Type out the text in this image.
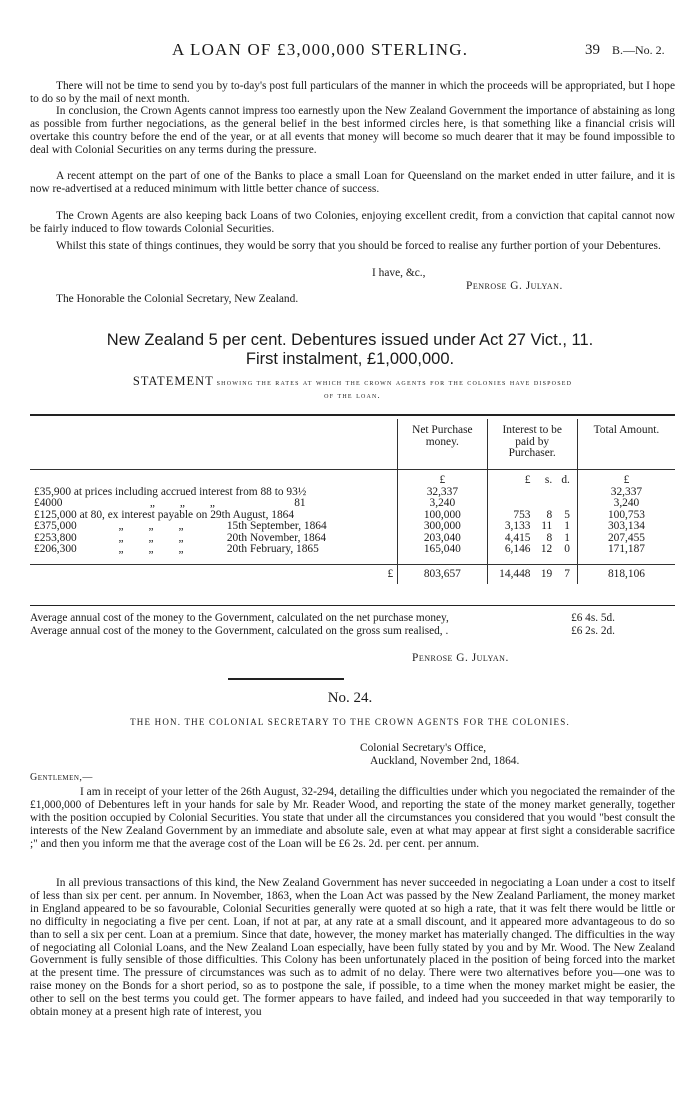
A LOAN OF £3,000,000 STERLING.	39 B.—No. 2.

There will not be time to send you by to-day's post full particulars of the manner in which the proceeds will be appropriated, but I hope to do so by the mail of next month.

In conclusion, the Crown Agents cannot impress too earnestly upon the New Zealand Government the importance of abstaining as long as possible from further negociations, as the general belief in the best informed circles here, is that something like a financial crisis will overtake this country before the end of the year, or at all events that money will become so much dearer that it may be found impossible to deal with Colonial Securities on any terms during the pressure.

A recent attempt on the part of one of the Banks to place a small Loan for Queensland on the market ended in utter failure, and it is now re-advertised at a reduced minimum with little better chance of success.

The Crown Agents are also keeping back Loans of two Colonies, enjoying excellent credit, from a conviction that capital cannot now be fairly induced to flow towards Colonial Securities.

Whilst this state of things continues, they would be sorry that you should be forced to realise any further portion of your Debentures.

I have, &c.,
Penrose G. Julyan.
The Honorable the Colonial Secretary, New Zealand.
New Zealand 5 per cent. Debentures issued under Act 27 Vict., 11.
First instalment, £1,000,000.
STATEMENT showing the rates at which the crown agents for the colonies have disposed
of the loan.
	Net Purchase money.	Interest to be paid by Purchaser.	Total Amount.
	£	£ s. d.	£
£35,900 at prices including accrued interest from 88 to 93½	32,337		32,337
£4000 „ „ „ 81	3,240		3,240
£125,000 at 80, ex interest payable on 29th August, 1864	100,000	753 8 5	100,753
£375,000 „ „ „ 15th September, 1864	300,000	3,133 11 1	303,134
£253,800 „ „ „ 20th November, 1864	203,040	4,415 8 1	207,455
£206,300 „ „ „ 20th February, 1865	165,040	6,146 12 0	171,187
£	803,657	14,448 19 7	818,106
Average annual cost of the money to the Government, calculated on the net purchase money,	£6 4s. 5d.
Average annual cost of the money to the Government, calculated on the gross sum realised, .	£6 2s. 2d.
Penrose G. Julyan.
No. 24.
THE HON. THE COLONIAL SECRETARY TO THE CROWN AGENTS FOR THE COLONIES.
Colonial Secretary's Office,
Auckland, November 2nd, 1864.
Gentlemen,—

I am in receipt of your letter of the 26th August, 32-294, detailing the difficulties under which you negociated the remainder of the £1,000,000 of Debentures left in your hands for sale by Mr. Reader Wood, and reporting the state of the money market generally, together with the position occupied by Colonial Securities. You state that under all the circumstances you considered that you would "best consult the interests of the New Zealand Government by an immediate and absolute sale, even at what may appear at first sight a considerable sacrifice ;" and then you inform me that the average cost of the Loan will be £6 2s. 2d. per cent. per annum.

In all previous transactions of this kind, the New Zealand Government has never succeeded in negociating a Loan under a cost to itself of less than six per cent. per annum. In November, 1863, when the Loan Act was passed by the New Zealand Parliament, the money market in England appeared to be so favourable, Colonial Securities generally were quoted at so high a rate, that it was felt there would be little or no difficulty in negociating a five per cent. Loan, if not at par, at any rate at a small discount, and it appeared more advantageous to do so than to sell a six per cent. Loan at a premium. Since that date, however, the money market has materially changed. The difficulties in the way of negociating all Colonial Loans, and the New Zealand Loan especially, have been fully stated by you and by Mr. Wood. The New Zealand Government is fully sensible of those difficulties. This Colony has been unfortunately placed in the position of being forced into the market at the present time. The pressure of circumstances was such as to admit of no delay. There were two alternatives before you—one was to raise money on the Bonds for a short period, so as to postpone the sale, if possible, to a time when the money market might be easier, the other to sell on the best terms you could get. The former appears to have failed, and indeed had you succeeded in that way temporarily to obtain money at a present high rate of interest, you
